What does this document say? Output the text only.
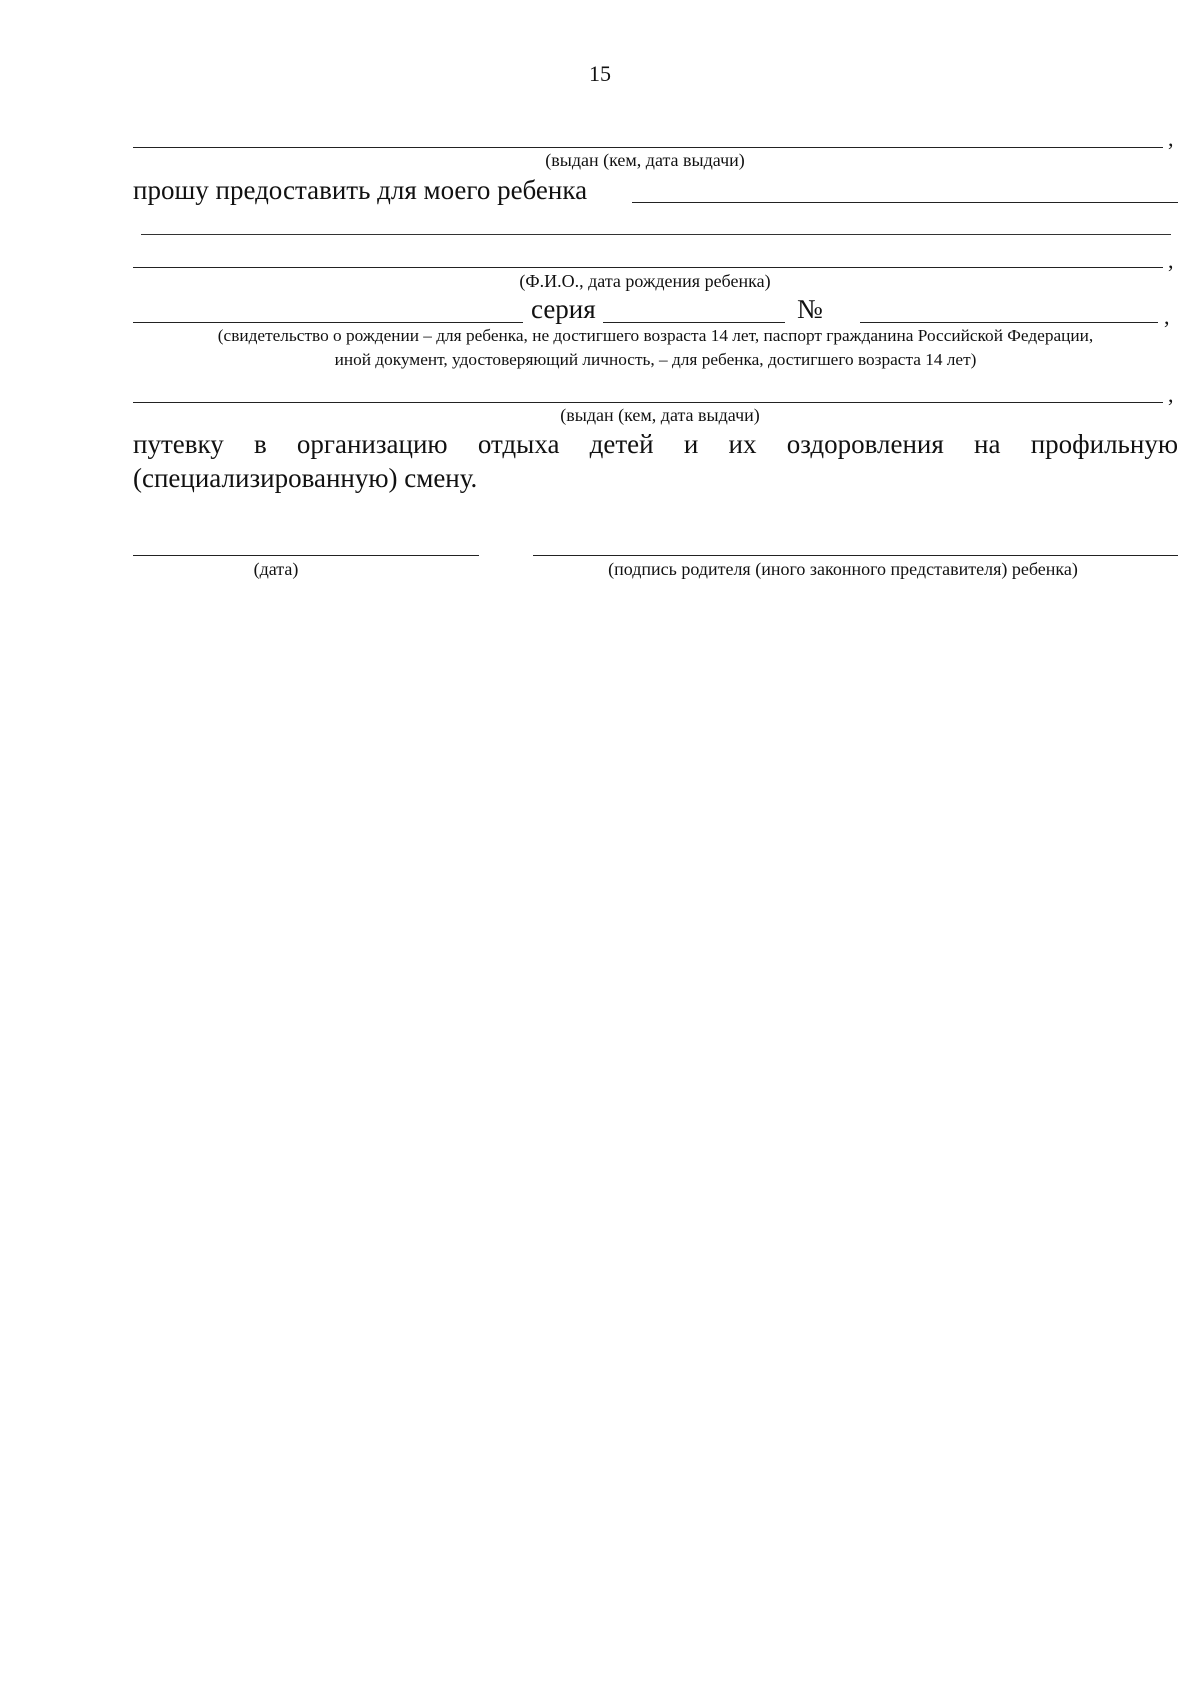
15
,
(выдан (кем, дата выдачи)
прошу предоставить для моего ребенка
,
(Ф.И.О., дата рождения ребенка)
серия	№	,
(свидетельство о рождении – для ребенка, не достигшего возраста 14 лет, паспорт гражданина Российской Федерации,
иной документ, удостоверяющий личность, – для ребенка, достигшего возраста 14 лет)
,
(выдан (кем, дата выдачи)
путевку в организацию отдыха детей и их оздоровления на профильную
(специализированную) смену.
(дата)	(подпись родителя (иного законного представителя) ребенка)
